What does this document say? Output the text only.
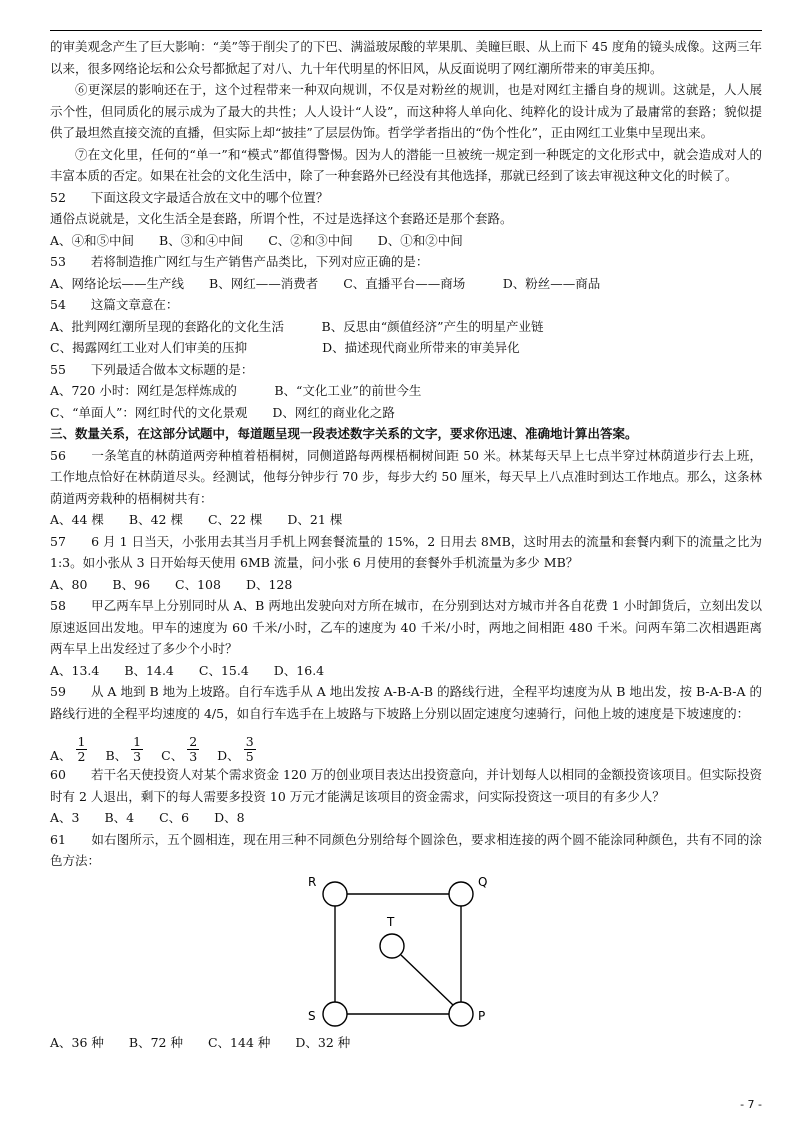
的审美观念产生了巨大影响：“美”等于削尖了的下巴、满溢玻尿酸的苹果肌、美瞳巨眼、从上而下 45 度角的镜头成像。这两三年以来，很多网络论坛和公众号都掀起了对八、九十年代明星的怀旧风，从反面说明了网红潮所带来的审美压抑。

⑥更深层的影响还在于，这个过程带来一种双向规训，不仅是对粉丝的规训，也是对网红主播自身的规训。这就是，人人展示个性，但同质化的展示成为了最大的共性；人人设计“人设”，而这种将人单向化、纯粹化的设计成为了最庸常的套路；貌似提供了最坦然直接交流的直播，但实际上却“披挂”了层层伪饰。哲学学者指出的“伪个性化”，正由网红工业集中呈现出来。

⑦在文化里，任何的“单一”和“模式”都值得警惕。因为人的潜能一旦被统一规定到一种既定的文化形式中，就会造成对人的丰富本质的否定。如果在社会的文化生活中，除了一种套路外已经没有其他选择，那就已经到了该去审视这种文化的时候了。

52　　下面这段文字最适合放在文中的哪个位置？

通俗点说就是，文化生活全是套路，所谓个性，不过是选择这个套路还是那个套路。

A、④和⑤中间　　B、③和④中间　　C、②和③中间　　D、①和②中间

53　　若将制造推广网红与生产销售产品类比，下列对应正确的是：

A、网络论坛——生产线　　B、网红——消费者　　C、直播平台——商场　　　D、粉丝——商品

54　　这篇文章意在：

A、批判网红潮所呈现的套路化的文化生活　　　B、反思由“颜值经济”产生的明星产业链

C、揭露网红工业对人们审美的压抑　　　　　　D、描述现代商业所带来的审美异化

55　　下列最适合做本文标题的是：

A、720 小时：网红是怎样炼成的　　　B、“文化工业”的前世今生

C、“单面人”：网红时代的文化景观　　D、网红的商业化之路

三、数量关系，在这部分试题中，每道题呈现一段表述数字关系的文字，要求你迅速、准确地计算出答案。

56　　一条笔直的林荫道两旁种植着梧桐树，同侧道路每两棵梧桐树间距 50 米。林某每天早上七点半穿过林荫道步行去上班，工作地点恰好在林荫道尽头。经测试，他每分钟步行 70 步，每步大约 50 厘米，每天早上八点准时到达工作地点。那么，这条林荫道两旁栽种的梧桐树共有：

A、44 棵　　B、42 棵　　C、22 棵　　D、21 棵

57　　6 月 1 日当天，小张用去其当月手机上网套餐流量的 15%，2 日用去 8MB，这时用去的流量和套餐内剩下的流量之比为 1:3。如小张从 3 日开始每天使用 6MB 流量，问小张 6 月使用的套餐外手机流量为多少 MB？

A、80　　B、96　　C、108　　D、128

58　　甲乙两车早上分别同时从 A、B 两地出发驶向对方所在城市，在分别到达对方城市并各自花费 1 小时卸货后，立刻出发以原速返回出发地。甲车的速度为 60 千米/小时，乙车的速度为 40 千米/小时，两地之间相距 480 千米。问两车第二次相遇距离两车早上出发经过了多少个小时？

A、13.4　　B、14.4　　C、15.4　　D、16.4

59　　从 A 地到 B 地为上坡路。自行车选手从 A 地出发按 A-B-A-B 的路线行进，全程平均速度为从 B 地出发，按 B-A-B-A 的路线行进的全程平均速度的 4/5，如自行车选手在上坡路与下坡路上分别以固定速度匀速骑行，问他上坡的速度是下坡速度的：

A、 $\frac{1}{2}$ B、 $\frac{1}{3}$ C、 $\frac{2}{3}$ D、 $\frac{3}{5}$

60　　若干名天使投资人对某个需求资金 120 万的创业项目表达出投资意向，并计划每人以相同的金额投资该项目。但实际投资时有 2 人退出，剩下的每人需要多投资 10 万元才能满足该项目的资金需求，问实际投资这一项目的有多少人？

A、3　　B、4　　C、6　　D、8

61　　如右图所示，五个圆相连，现在用三种不同颜色分别给每个圆涂色，要求相连接的两个圆不能涂同种颜色，共有不同的涂色方法：

R	Q
T
S	P

A、36 种　　B、72 种　　C、144 种　　D、32 种

- 7 -
